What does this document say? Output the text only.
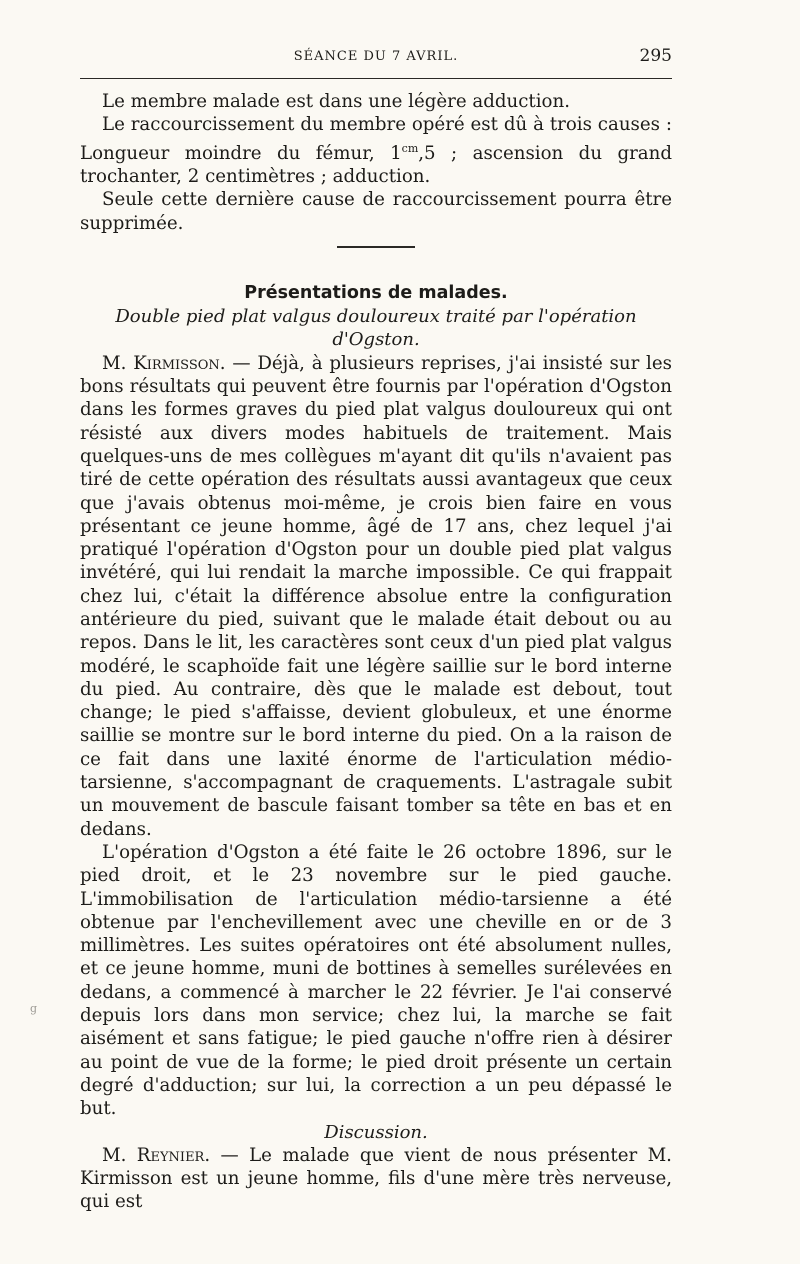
SÉANCE DU 7 AVRIL.	295

Le membre malade est dans une légère adduction.

Le raccourcissement du membre opéré est dû à trois causes : Longueur moindre du fémur, $1^{cm},5$ ; ascension du grand trochanter, 2 centimètres ; adduction.

Seule cette dernière cause de raccourcissement pourra être supprimée.

Présentations de malades.

Double pied plat valgus douloureux traité par l'opération d'Ogston.

M. Kirmisson. — Déjà, à plusieurs reprises, j'ai insisté sur les bons résultats qui peuvent être fournis par l'opération d'Ogston dans les formes graves du pied plat valgus douloureux qui ont résisté aux divers modes habituels de traitement. Mais quelques-uns de mes collègues m'ayant dit qu'ils n'avaient pas tiré de cette opération des résultats aussi avantageux que ceux que j'avais obtenus moi-même, je crois bien faire en vous présentant ce jeune homme, âgé de 17 ans, chez lequel j'ai pratiqué l'opération d'Ogston pour un double pied plat valgus invétéré, qui lui rendait la marche impossible. Ce qui frappait chez lui, c'était la différence absolue entre la configuration antérieure du pied, suivant que le malade était debout ou au repos. Dans le lit, les caractères sont ceux d'un pied plat valgus modéré, le scaphoïde fait une légère saillie sur le bord interne du pied. Au contraire, dès que le malade est debout, tout change; le pied s'affaisse, devient globuleux, et une énorme saillie se montre sur le bord interne du pied. On a la raison de ce fait dans une laxité énorme de l'articulation médio-tarsienne, s'accompagnant de craquements. L'astragale subit un mouvement de bascule faisant tomber sa tête en bas et en dedans.

L'opération d'Ogston a été faite le 26 octobre 1896, sur le pied droit, et le 23 novembre sur le pied gauche. L'immobilisation de l'articulation médio-tarsienne a été obtenue par l'enchevillement avec une cheville en or de 3 millimètres. Les suites opératoires ont été absolument nulles, et ce jeune homme, muni de bottines à semelles surélevées en dedans, a commencé à marcher le 22 février. Je l'ai conservé depuis lors dans mon service; chez lui, la marche se fait aisément et sans fatigue; le pied gauche n'offre rien à désirer au point de vue de la forme; le pied droit présente un certain degré d'adduction; sur lui, la correction a un peu dépassé le but.

Discussion.

M. Reynier. — Le malade que vient de nous présenter M. Kirmisson est un jeune homme, fils d'une mère très nerveuse, qui est

g
